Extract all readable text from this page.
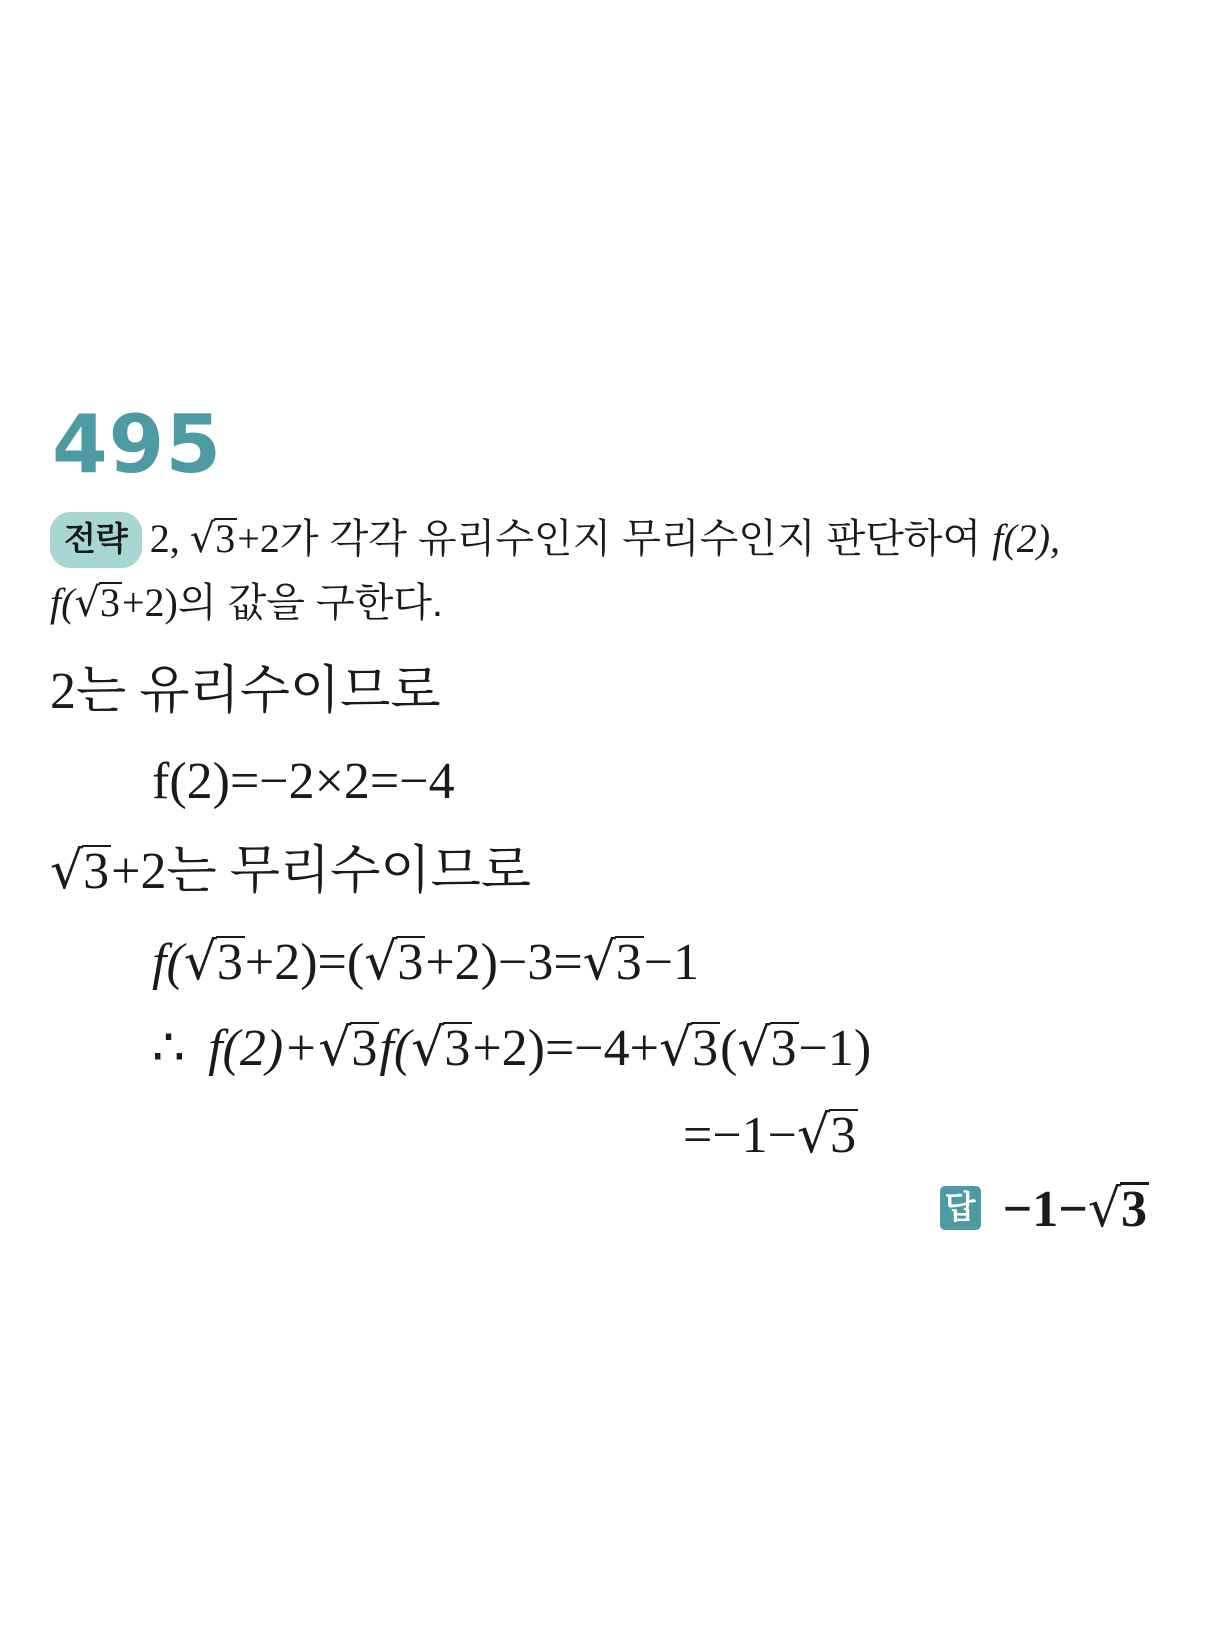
495
전략 2, √3+2가 각각 유리수인지 무리수인지 판단하여 f(2),
f(√3+2)의 값을 구한다.
2는 유리수이므로
f(2)=−2×2=−4
√3+2는 무리수이므로
f(√3+2)=(√3+2)−3=√3−1
∴ f(2)+√3f(√3+2)=−4+√3(√3−1)
=−1−√3
답 −1−√3
